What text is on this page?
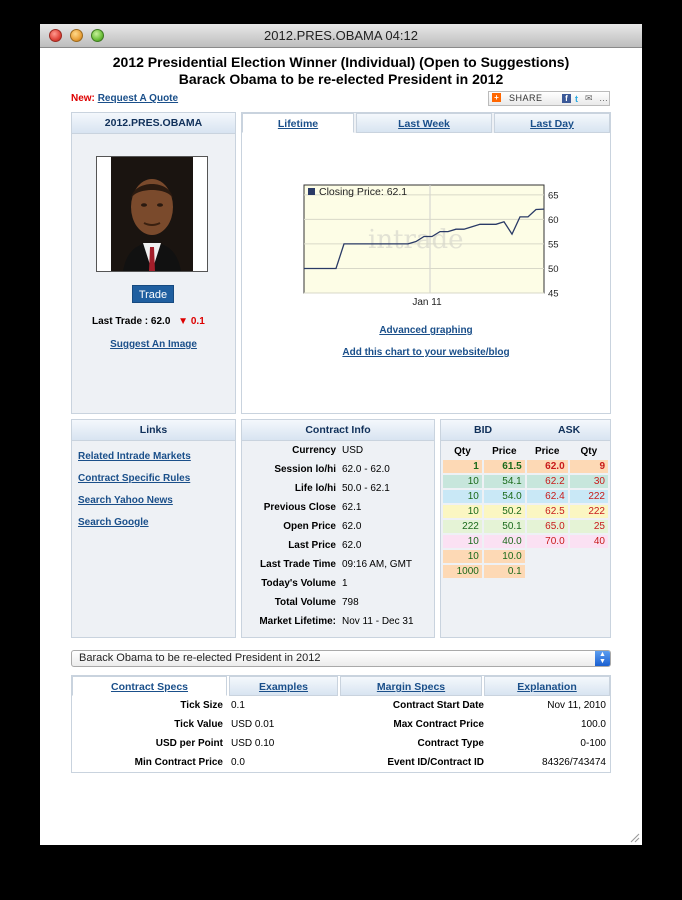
2012.PRES.OBAMA 04:12
2012 Presidential Election Winner (Individual) (Open to Suggestions)
Barack Obama to be re-elected President in 2012
New: Request A Quote	+ SHARE	f t ✉ …
2012.PRES.OBAMA
Trade
Last Trade : 62.0 ▼ 0.1
Suggest An Image
Lifetime	Last Week	Last Day
intrade
65
60
55
50
45
Closing Price: 62.1
Jan 11
Advanced graphing
Add this chart to your website/blog
Links
Related Intrade Markets
Contract Specific Rules
Search Yahoo News
Search Google
Contract Info
Currency USD
Session lo/hi 62.0 - 62.0
Life lo/hi 50.0 - 62.1
Previous Close 62.1
Open Price 62.0
Last Price 62.0
Last Trade Time 09:16 AM, GMT
Today's Volume 1
Total Volume 798
Market Lifetime: Nov 11 - Dec 31
BID	ASK
Qty	Price	Price	Qty
1	61.5	62.0	9
10	54.1	62.2	30
10	54.0	62.4	222
10	50.2	62.5	222
222	50.1	65.0	25
10	40.0	70.0	40
10	10.0		
1000	0.1		
Barack Obama to be re-elected President in 2012	▲
▼
Contract Specs	Examples	Margin Specs	Explanation
Tick Size 0.1	Contract Start Date	Nov 11, 2010
Tick Value USD 0.01	Max Contract Price	100.0
USD per Point USD 0.10	Contract Type	0-100
Min Contract Price 0.0	Event ID/Contract ID	84326/743474
